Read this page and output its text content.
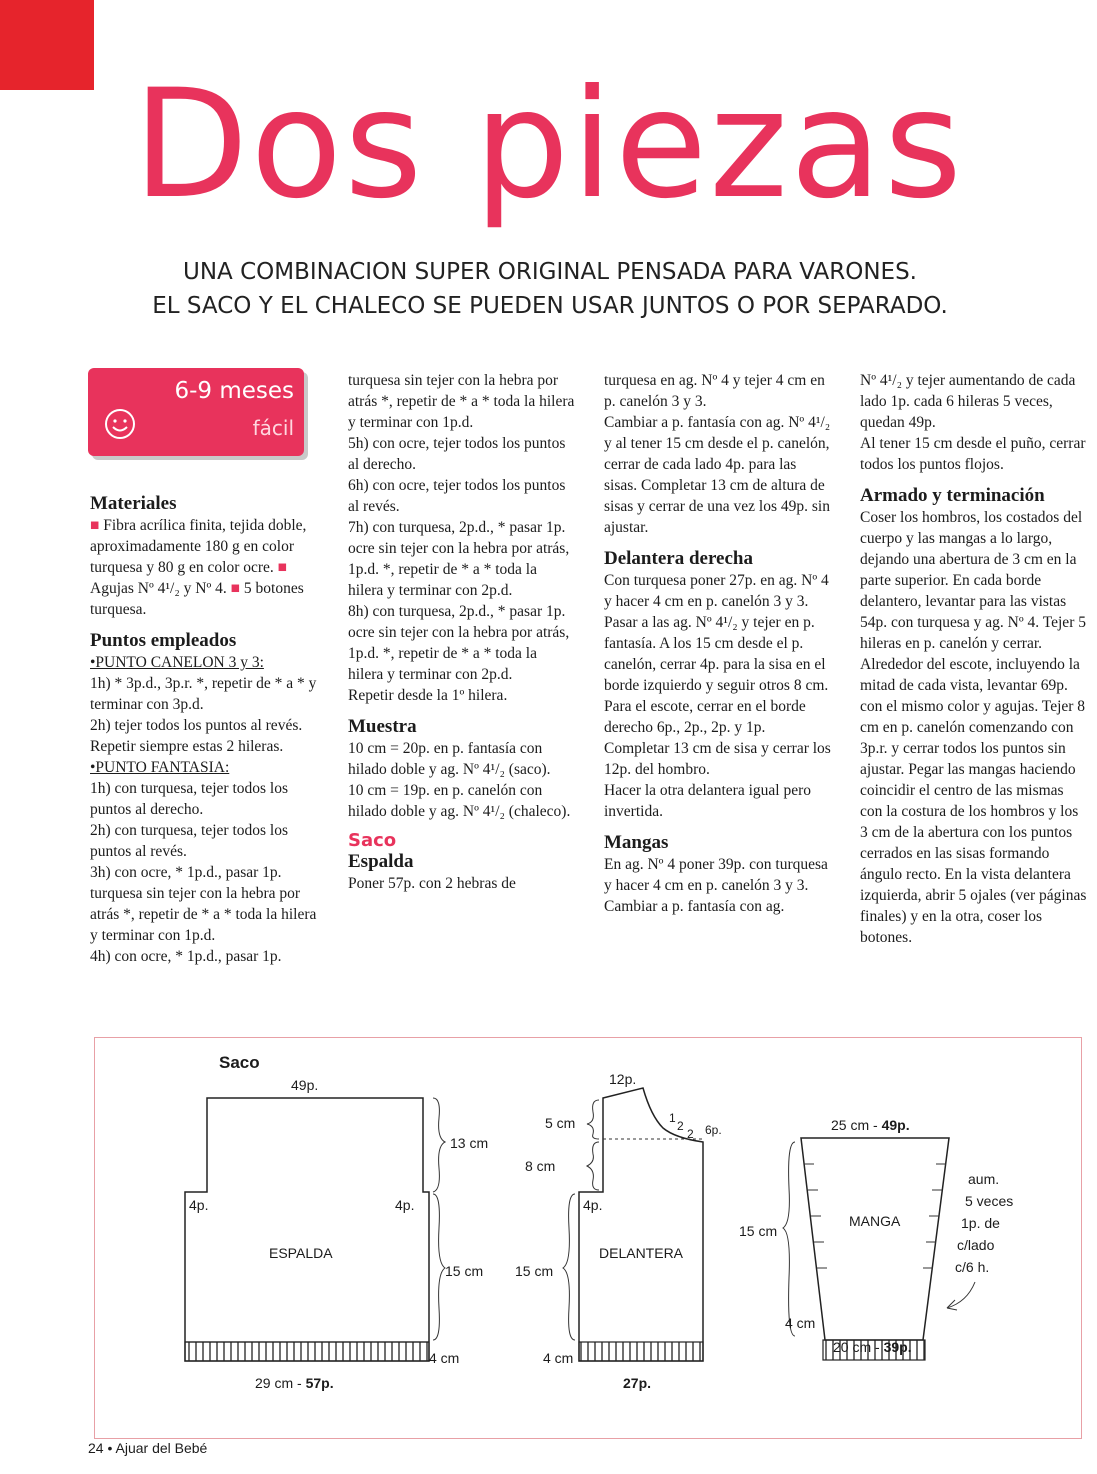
Dos piezas
UNA COMBINACION SUPER ORIGINAL PENSADA PARA VARONES.
EL SACO Y EL CHALECO SE PUEDEN USAR JUNTOS O POR SEPARADO.
6-9 meses
fácil
Materiales

■ Fibra acrílica finita, tejida doble, aproximadamente 180 g en color turquesa y 80 g en color ocre. ■ Agujas Nº 4¹/₂ y Nº 4. ■ 5 botones turquesa.

Puntos empleados

•PUNTO CANELON 3 y 3:

1h) * 3p.d., 3p.r. *, repetir de * a * y terminar con 3p.d.

2h) tejer todos los puntos al revés.

Repetir siempre estas 2 hileras.

•PUNTO FANTASIA:

1h) con turquesa, tejer todos los puntos al derecho.

2h) con turquesa, tejer todos los puntos al revés.

3h) con ocre, * 1p.d., pasar 1p. turquesa sin tejer con la hebra por atrás *, repetir de * a * toda la hilera y terminar con 1p.d.

4h) con ocre, * 1p.d., pasar 1p.

turquesa sin tejer con la hebra por atrás *, repetir de * a * toda la hilera y terminar con 1p.d.

5h) con ocre, tejer todos los puntos al derecho.

6h) con ocre, tejer todos los puntos al revés.

7h) con turquesa, 2p.d., * pasar 1p. ocre sin tejer con la hebra por atrás, 1p.d. *, repetir de * a * toda la hilera y terminar con 2p.d.

8h) con turquesa, 2p.d., * pasar 1p. ocre sin tejer con la hebra por atrás, 1p.d. *, repetir de * a * toda la hilera y terminar con 2p.d.

Repetir desde la 1º hilera.

Muestra

10 cm = 20p. en p. fantasía con hilado doble y ag. Nº 4¹/₂ (saco).

10 cm = 19p. en p. canelón con hilado doble y ag. Nº 4¹/₂ (chaleco).

Saco

Espalda

Poner 57p. con 2 hebras de

turquesa en ag. Nº 4 y tejer 4 cm en p. canelón 3 y 3.

Cambiar a p. fantasía con ag. Nº 4¹/₂ y al tener 15 cm desde el p. canelón, cerrar de cada lado 4p. para las sisas. Completar 13 cm de altura de sisas y cerrar de una vez los 49p. sin ajustar.

Delantera derecha

Con turquesa poner 27p. en ag. Nº 4 y hacer 4 cm en p. canelón 3 y 3.

Pasar a las ag. Nº 4¹/₂ y tejer en p. fantasía. A los 15 cm desde el p. canelón, cerrar 4p. para la sisa en el borde izquierdo y seguir otros 8 cm. Para el escote, cerrar en el borde derecho 6p., 2p., 2p. y 1p.

Completar 13 cm de sisa y cerrar los 12p. del hombro.

Hacer la otra delantera igual pero invertida.

Mangas

En ag. Nº 4 poner 39p. con turquesa y hacer 4 cm en p. canelón 3 y 3.

Cambiar a p. fantasía con ag.

Nº 4¹/₂ y tejer aumentando de cada lado 1p. cada 6 hileras 5 veces, quedan 49p.

Al tener 15 cm desde el puño, cerrar todos los puntos flojos.

Armado y terminación

Coser los hombros, los costados del cuerpo y las mangas a lo largo, dejando una abertura de 3 cm en la parte superior. En cada borde delantero, levantar para las vistas 54p. con turquesa y ag. Nº 4. Tejer 5 hileras en p. canelón y cerrar.

Alrededor del escote, incluyendo la mitad de cada vista, levantar 69p. con el mismo color y agujas. Tejer 8 cm en p. canelón comenzando con 3p.r. y cerrar todos los puntos sin ajustar. Pegar las mangas haciendo coincidir el centro de las mismas con la costura de los hombros y los 3 cm de la abertura con los puntos cerrados en las sisas formando ángulo recto. En la vista delantera izquierda, abrir 5 ojales (ver páginas finales) y en la otra, coser los botones.

Saco
49p.
13 cm
4p.	4p.
ESPALDA
15 cm
4 cm
29 cm - 57p.
12p.
5 cm	1
2
2 6p.
8 cm
4p.
DELANTERA
15 cm
4 cm
27p.
25 cm - 49p.
MANGA
15 cm
4 cm
20 cm - 39p.
aum.
5 veces
1p. de
c/lado
c/6 h.
24 • Ajuar del Bebé
